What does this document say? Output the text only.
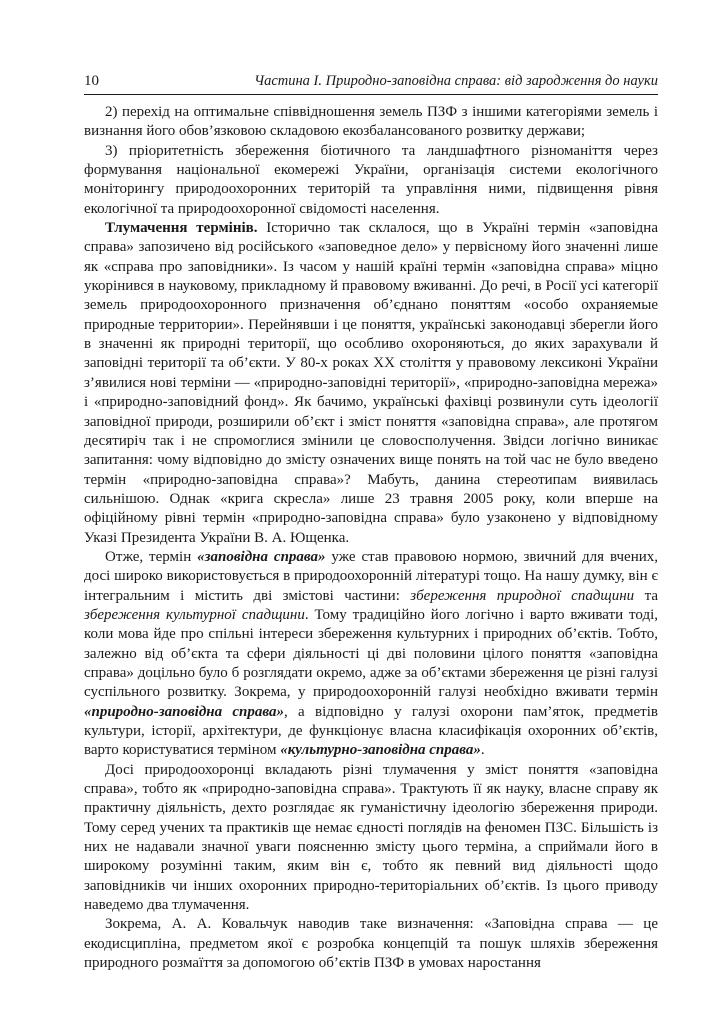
10	Частина І. Природно-заповідна справа: від зародження до науки

2) перехід на оптимальне співвідношення земель ПЗФ з іншими категоріями земель і визнання його обов’язковою складовою екозбалансованого розвитку держави;

3) пріоритетність збереження біотичного та ландшафтного різноманіття через формування національної екомережі України, організація системи екологічного моніторингу природоохоронних територій та управління ними, підвищення рівня екологічної та природоохоронної свідомості населення.

Тлумачення термінів. Історично так склалося, що в Україні термін «заповідна справа» запозичено від російського «заповедное дело» у первісному його значенні лише як «справа про заповідники». Із часом у нашій країні термін «заповідна справа» міцно укорінився в науковому, прикладному й правовому вживанні. До речі, в Росії усі категорії земель природоохоронного призначення об’єднано поняттям «особо охраняемые природные территории». Перейнявши і це поняття, українські законодавці зберегли його в значенні як природні території, що особливо охороняються, до яких зарахували й заповідні території та об’єкти. У 80-х роках XX століття у правовому лексиконі України з’явилися нові терміни — «природно-заповідні території», «природно-заповідна мережа» і «природно-заповідний фонд». Як бачимо, українські фахівці розвинули суть ідеології заповідної природи, розширили об’єкт і зміст поняття «заповідна справа», але протягом десятиріч так і не спромоглися змінили це словосполучення. Звідси логічно виникає запитання: чому відповідно до змісту означених вище понять на той час не було введено термін «природно-заповідна справа»? Мабуть, данина стереотипам виявилась сильнішою. Однак «крига скресла» лише 23 травня 2005 року, коли вперше на офіційному рівні термін «природно-заповідна справа» було узаконено у відповідному Указі Президента України В. А. Ющенка.

Отже, термін «заповідна справа» уже став правовою нормою, звичний для вчених, досі широко використовується в природоохоронній літературі тощо. На нашу думку, він є інтегральним і містить дві змістові частини: збереження природної спадщини та збереження культурної спадщини. Тому традиційно його логічно і варто вживати тоді, коли мова йде про спільні інтереси збереження культурних і природних об’єктів. Тобто, залежно від об’єкта та сфери діяльності ці дві половини цілого поняття «заповідна справа» доцільно було б розглядати окремо, адже за об’єктами збереження це різні галузі суспільного розвитку. Зокрема, у природоохоронній галузі необхідно вживати термін «природно-заповідна справа», а відповідно у галузі охорони пам’яток, предметів культури, історії, архітектури, де функціонує власна класифікація охоронних об’єктів, варто користуватися терміном «культурно-заповідна справа».

Досі природоохоронці вкладають різні тлумачення у зміст поняття «заповідна справа», тобто як «природно-заповідна справа». Трактують її як науку, власне справу як практичну діяльність, дехто розглядає як гуманістичну ідеологію збереження природи. Тому серед учених та практиків ще немає єдності поглядів на феномен ПЗС. Більшість із них не надавали значної уваги поясненню змісту цього терміна, а сприймали його в широкому розумінні таким, яким він є, тобто як певний вид діяльності щодо заповідників чи інших охоронних природно-територіальних об’єктів. Із цього приводу наведемо два тлумачення.

Зокрема, А. А. Ковальчук наводив таке визначення: «Заповідна справа — це екодисципліна, предметом якої є розробка концепцій та пошук шляхів збереження природного розмаїття за допомогою об’єктів ПЗФ в умовах наростання
